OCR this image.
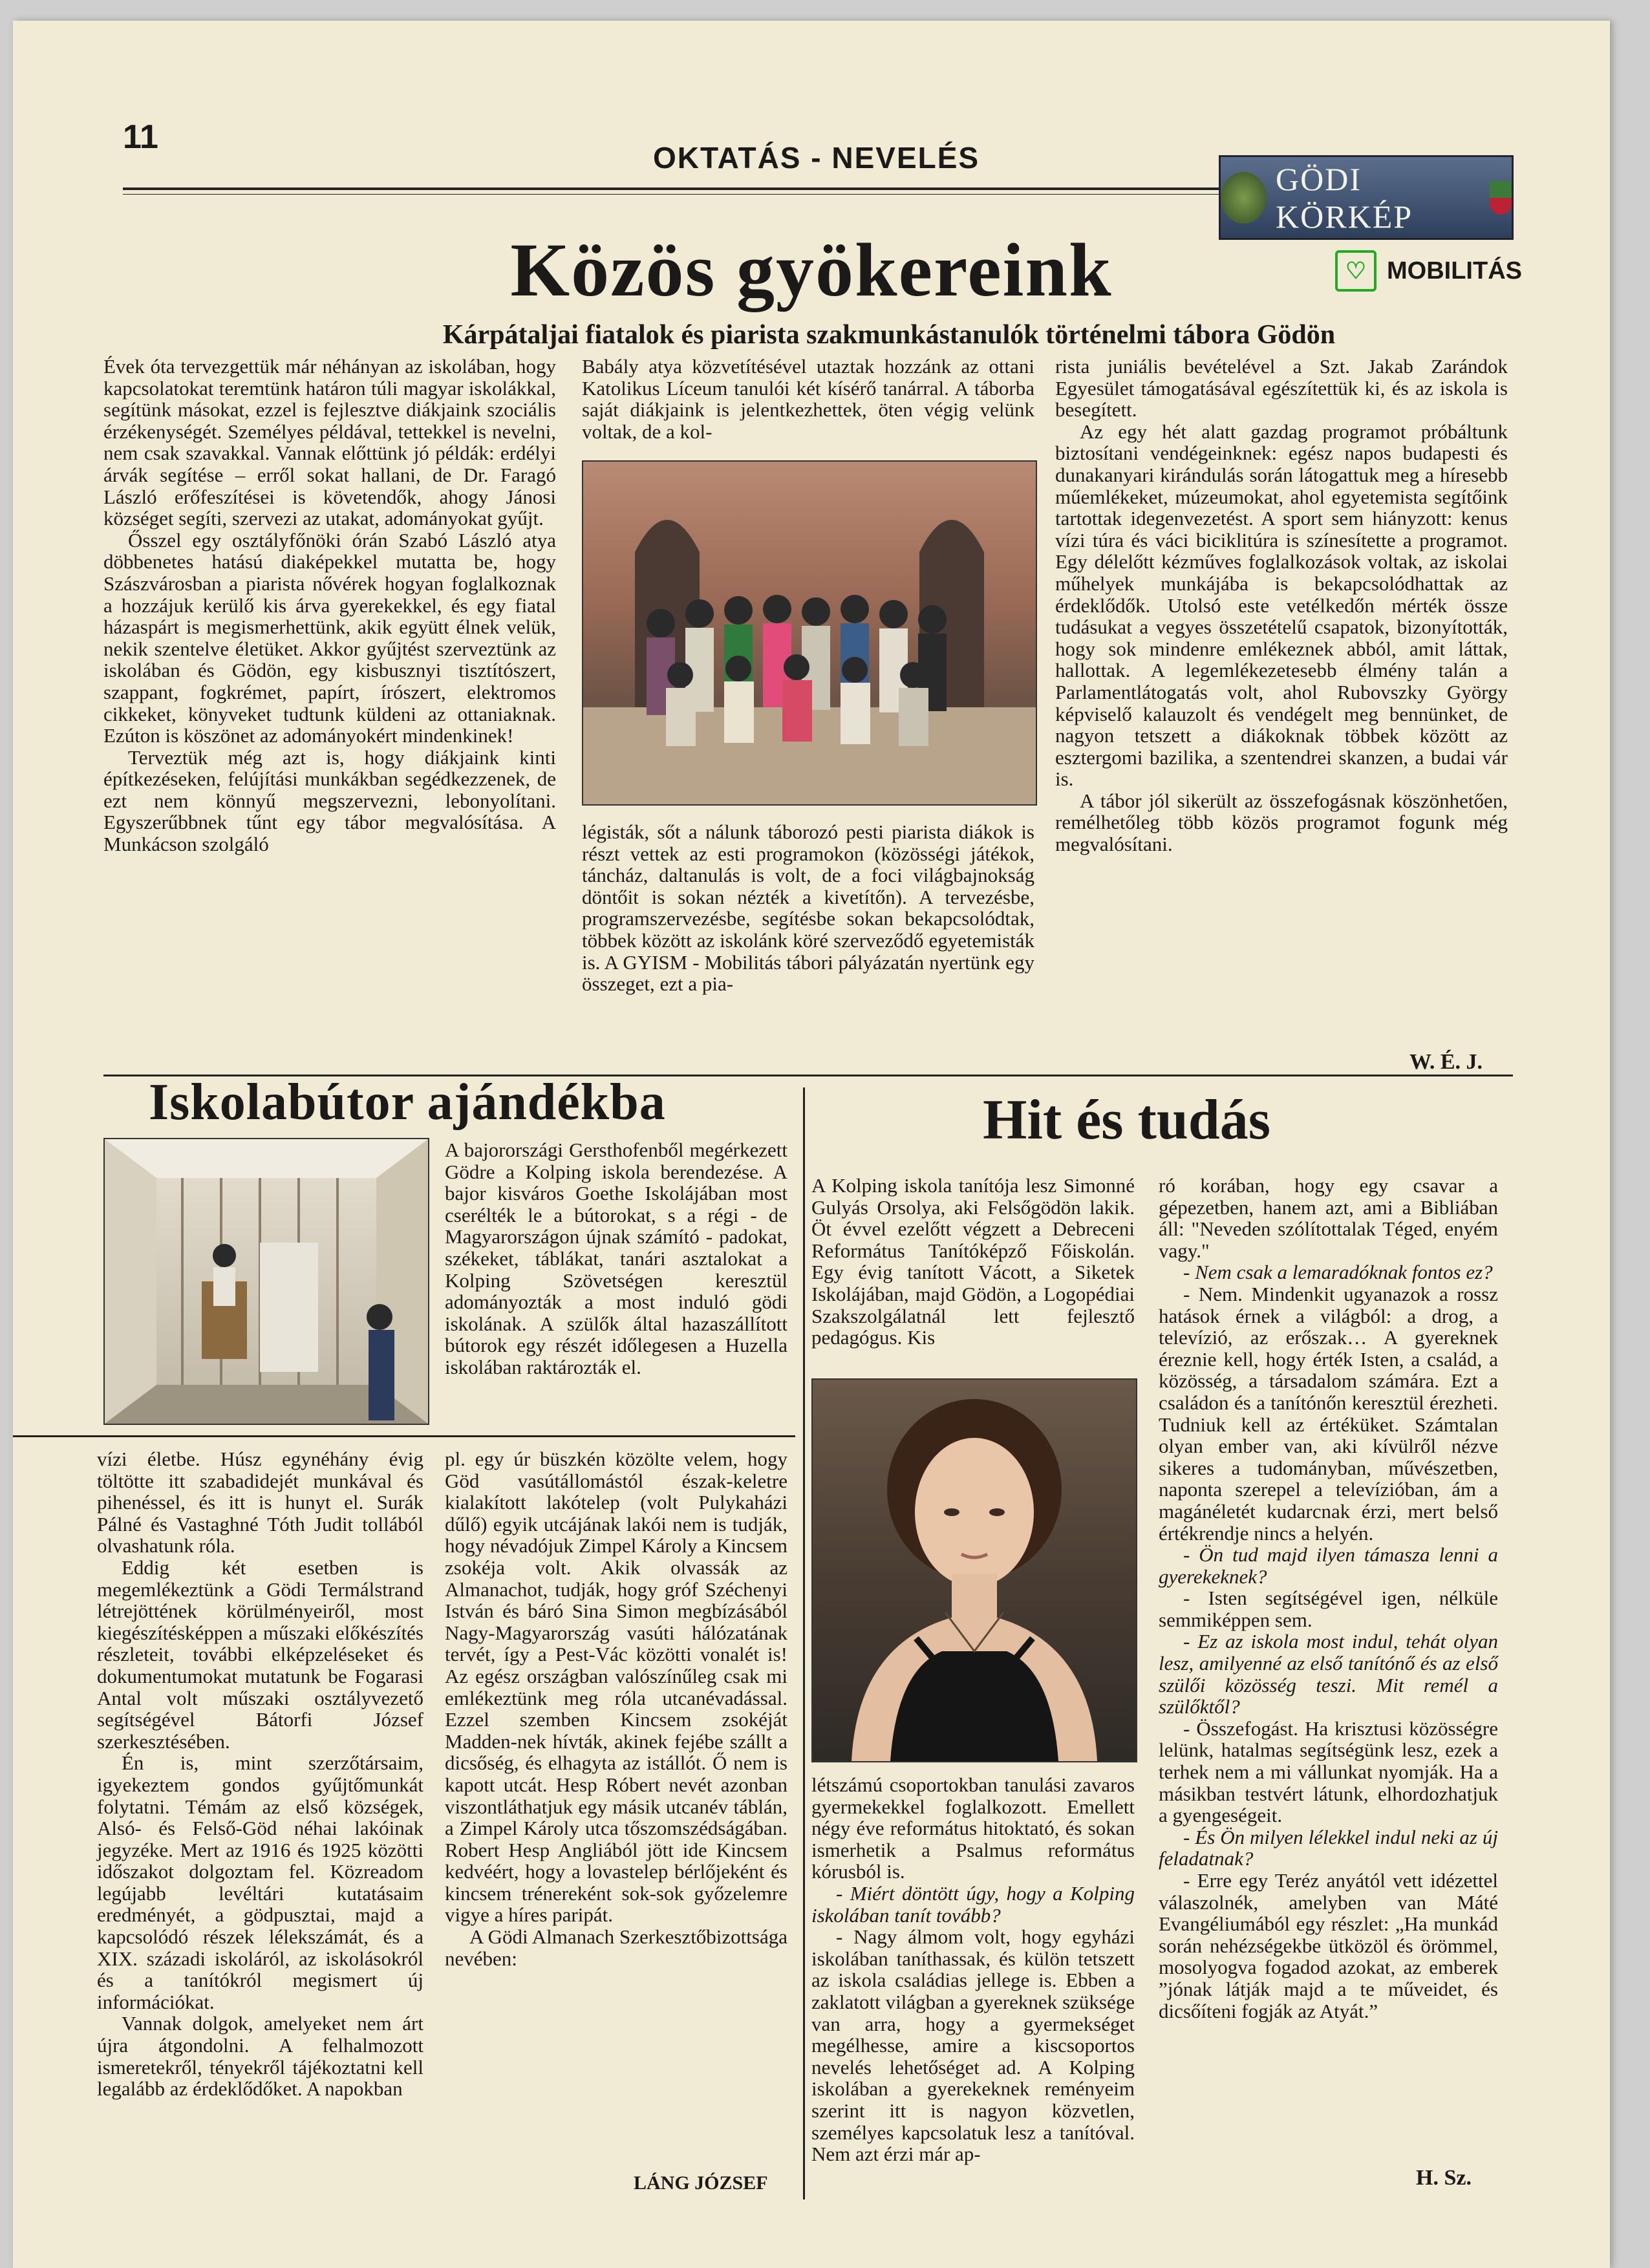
11
OKTATÁS - NEVELÉS
GÖDI KÖRKÉP
♡ MOBILITÁS
Közös gyökereink
Kárpátaljai fiatalok és piarista szakmunkástanulók történelmi tábora Gödön

Évek óta tervezgettük már néhányan az iskolában, hogy kapcsolatokat teremtünk határon túli magyar iskolákkal, segítünk másokat, ezzel is fejlesztve diákjaink szociális érzékenységét. Személyes példával, tettekkel is nevelni, nem csak szavakkal. Vannak előttünk jó példák: erdélyi árvák segítése – erről sokat hallani, de Dr. Faragó László erőfeszítései is követendők, ahogy Jánosi községet segíti, szervezi az utakat, adományokat gyűjt.

Ősszel egy osztályfőnöki órán Szabó László atya döbbenetes hatású diaképekkel mutatta be, hogy Szászvárosban a piarista nővérek hogyan foglalkoznak a hozzájuk kerülő kis árva gyerekekkel, és egy fiatal házaspárt is megismerhettünk, akik együtt élnek velük, nekik szentelve életüket. Akkor gyűjtést szerveztünk az iskolában és Gödön, egy kisbusznyi tisztítószert, szappant, fogkrémet, papírt, írószert, elektromos cikkeket, könyveket tudtunk küldeni az ottaniaknak. Ezúton is köszönet az adományokért mindenkinek!

Terveztük még azt is, hogy diákjaink kinti építkezéseken, felújítási munkákban segédkezzenek, de ezt nem könnyű megszervezni, lebonyolítani. Egyszerűbbnek tűnt egy tábor megvalósítása. A Munkácson szolgáló

Babály atya közvetítésével utaztak hozzánk az ottani Katolikus Líceum tanulói két kísérő tanárral. A táborba saját diákjaink is jelentkezhettek, öten végig velünk voltak, de a kol-

légisták, sőt a nálunk táborozó pesti piarista diákok is részt vettek az esti programokon (közösségi játékok, táncház, daltanulás is volt, de a foci világbajnokság döntőit is sokan nézték a kivetítőn). A tervezésbe, programszervezésbe, segítésbe sokan bekapcsolódtak, többek között az iskolánk köré szerveződő egyetemisták is. A GYISM - Mobilitás tábori pályázatán nyertünk egy összeget, ezt a pia-

rista juniális bevételével a Szt. Jakab Zarándok Egyesület támogatásával egészítettük ki, és az iskola is besegített.

Az egy hét alatt gazdag programot próbáltunk biztosítani vendégeinknek: egész napos budapesti és dunakanyari kirándulás során látogattuk meg a híresebb műemlékeket, múzeumokat, ahol egyetemista segítőink tartottak idegenvezetést. A sport sem hiányzott: kenus vízi túra és váci biciklitúra is színesítette a programot. Egy délelőtt kézműves foglalkozások voltak, az iskolai műhelyek munkájába is bekapcsolódhattak az érdeklődők. Utolsó este vetélkedőn mérték össze tudásukat a vegyes összetételű csapatok, bizonyították, hogy sok mindenre emlékeznek abból, amit láttak, hallottak. A legemlékezetesebb élmény talán a Parlamentlátogatás volt, ahol Rubovszky György képviselő kalauzolt és vendégelt meg bennünket, de nagyon tetszett a diákoknak többek között az esztergomi bazilika, a szentendrei skanzen, a budai vár is.

A tábor jól sikerült az összefogásnak köszönhetően, remélhetőleg több közös programot fogunk még megvalósítani.

W. É. J.
Iskolabútor ajándékba

A bajorországi Gersthofenből megérkezett Gödre a Kolping iskola berendezése. A bajor kisváros Goethe Iskolájában most cserélték le a bútorokat, s a régi - de Magyarországon újnak számító - padokat, székeket, táblákat, tanári asztalokat a Kolping Szövetségen keresztül adományozták a most induló gödi iskolának. A szülők által hazaszállított bútorok egy részét időlegesen a Huzella iskolában raktározták el.

vízi életbe. Húsz egynéhány évig töltötte itt szabadidejét munkával és pihenéssel, és itt is hunyt el. Surák Pálné és Vastaghné Tóth Judit tollából olvashatunk róla.

Eddig két esetben is megemlékeztünk a Gödi Termálstrand létrejöttének körülményeiről, most kiegészítésképpen a műszaki előkészítés részleteit, további elképzeléseket és dokumentumokat mutatunk be Fogarasi Antal volt műszaki osztályvezető segítségével Bátorfi József szerkesztésében.

Én is, mint szerzőtársaim, igyekeztem gondos gyűjtőmunkát folytatni. Témám az első községek, Alsó- és Felső-Göd néhai lakóinak jegyzéke. Mert az 1916 és 1925 közötti időszakot dolgoztam fel. Közreadom legújabb levéltári kutatásaim eredményét, a gödpusztai, majd a kapcsolódó részek lélekszámát, és a XIX. századi iskoláról, az iskolásokról és a tanítókról megismert új információkat.

Vannak dolgok, amelyeket nem árt újra átgondolni. A felhalmozott ismeretekről, tényekről tájékoztatni kell legalább az érdeklődőket. A napokban

pl. egy úr büszkén közölte velem, hogy Göd vasútállomástól észak-keletre kialakított lakótelep (volt Pulykaházi dűlő) egyik utcájának lakói nem is tudják, hogy névadójuk Zimpel Károly a Kincsem zsokéja volt. Akik olvassák az Almanachot, tudják, hogy gróf Széchenyi István és báró Sina Simon megbízásából Nagy-Magyarország vasúti hálózatának tervét, így a Pest-Vác közötti vonalét is! Az egész országban valószínűleg csak mi emlékeztünk meg róla utcanévadással. Ezzel szemben Kincsem zsokéját Madden-nek hívták, akinek fejébe szállt a dicsőség, és elhagyta az istállót. Ő nem is kapott utcát. Hesp Róbert nevét azonban viszontláthatjuk egy másik utcanév táblán, a Zimpel Károly utca tőszomszédságában. Robert Hesp Angliából jött ide Kincsem kedvéért, hogy a lovastelep bérlőjeként és kincsem trénereként sok-sok győzelemre vigye a híres paripát.

A Gödi Almanach Szerkesztőbizottsága nevében:

LÁNG JÓZSEF
Hit és tudás

A Kolping iskola tanítója lesz Simonné Gulyás Orsolya, aki Felsőgödön lakik. Öt évvel ezelőtt végzett a Debreceni Református Tanítóképző Főiskolán. Egy évig tanított Vácott, a Siketek Iskolájában, majd Gödön, a Logopédiai Szakszolgálatnál lett fejlesztő pedagógus. Kis

létszámú csoportokban tanulási zavaros gyermekekkel foglalkozott. Emellett négy éve református hitoktató, és sokan ismerhetik a Psalmus református kórusból is.

- Miért döntött úgy, hogy a Kolping iskolában tanít tovább?

- Nagy álmom volt, hogy egyházi iskolában taníthassak, és külön tetszett az iskola családias jellege is. Ebben a zaklatott világban a gyereknek szüksége van arra, hogy a gyermekséget megélhesse, amire a kiscsoportos nevelés lehetőséget ad. A Kolping iskolában a gyerekeknek reményeim szerint itt is nagyon közvetlen, személyes kapcsolatuk lesz a tanítóval. Nem azt érzi már ap-

ró korában, hogy egy csavar a gépezetben, hanem azt, ami a Bibliában áll: "Neveden szólítottalak Téged, enyém vagy."

- Nem csak a lemaradóknak fontos ez?

- Nem. Mindenkit ugyanazok a rossz hatások érnek a világból: a drog, a televízió, az erőszak… A gyereknek éreznie kell, hogy érték Isten, a család, a közösség, a társadalom számára. Ezt a családon és a tanítónőn keresztül érezheti. Tudniuk kell az értéküket. Számtalan olyan ember van, aki kívülről nézve sikeres a tudományban, művészetben, naponta szerepel a televízióban, ám a magánéletét kudarcnak érzi, mert belső értékrendje nincs a helyén.

- Ön tud majd ilyen támasza lenni a gyerekeknek?

- Isten segítségével igen, nélküle semmiképpen sem.

- Ez az iskola most indul, tehát olyan lesz, amilyenné az első tanítónő és az első szülői közösség teszi. Mit remél a szülőktől?

- Összefogást. Ha krisztusi közösségre lelünk, hatalmas segítségünk lesz, ezek a terhek nem a mi vállunkat nyomják. Ha a másikban testvért látunk, elhordozhatjuk a gyengeségeit.

- És Ön milyen lélekkel indul neki az új feladatnak?

- Erre egy Teréz anyától vett idézettel válaszolnék, amelyben van Máté Evangéliumából egy részlet: „Ha munkád során nehézségekbe ütközöl és örömmel, mosolyogva fogadod azokat, az emberek ”jónak látják majd a te műveidet, és dicsőíteni fogják az Atyát.”

H. Sz.
